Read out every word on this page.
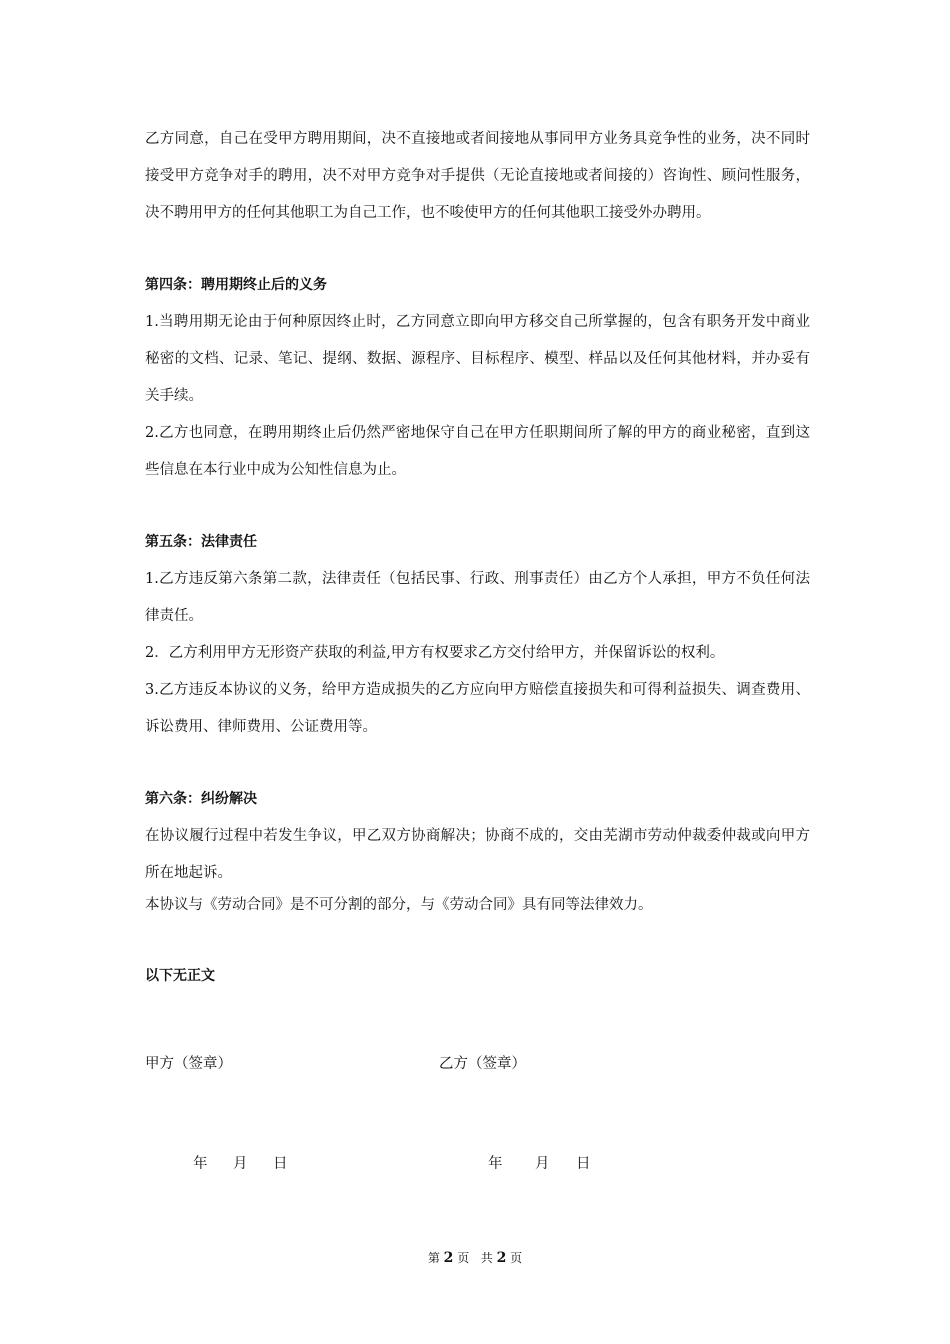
乙方同意，自己在受甲方聘用期间，决不直接地或者间接地从事同甲方业务具竞争性的业务，决不同时接受甲方竞争对手的聘用，决不对甲方竞争对手提供（无论直接地或者间接的）咨询性、顾问性服务，决不聘用甲方的任何其他职工为自己工作，也不唆使甲方的任何其他职工接受外办聘用。

第四条：聘用期终止后的义务

1.当聘用期无论由于何种原因终止时，乙方同意立即向甲方移交自己所掌握的，包含有职务开发中商业秘密的文档、记录、笔记、提纲、数据、源程序、目标程序、模型、样品以及任何其他材料，并办妥有关手续。

2.乙方也同意，在聘用期终止后仍然严密地保守自己在甲方任职期间所了解的甲方的商业秘密，直到这些信息在本行业中成为公知性信息为止。

第五条：法律责任

1.乙方违反第六条第二款，法律责任（包括民事、行政、刑事责任）由乙方个人承担，甲方不负任何法律责任。

2．乙方利用甲方无形资产获取的利益,甲方有权要求乙方交付给甲方，并保留诉讼的权利。

3.乙方违反本协议的义务，给甲方造成损失的乙方应向甲方赔偿直接损失和可得利益损失、调查费用、诉讼费用、律师费用、公证费用等。

第六条：纠纷解决

在协议履行过程中若发生争议，甲乙双方协商解决；协商不成的，交由芜湖市劳动仲裁委仲裁或向甲方所在地起诉。

本协议与《劳动合同》是不可分割的部分，与《劳动合同》具有同等法律效力。

以下无正文

甲方（签章）	乙方（签章）
年 月 日	年 月 日
第 2 页 共 2 页
